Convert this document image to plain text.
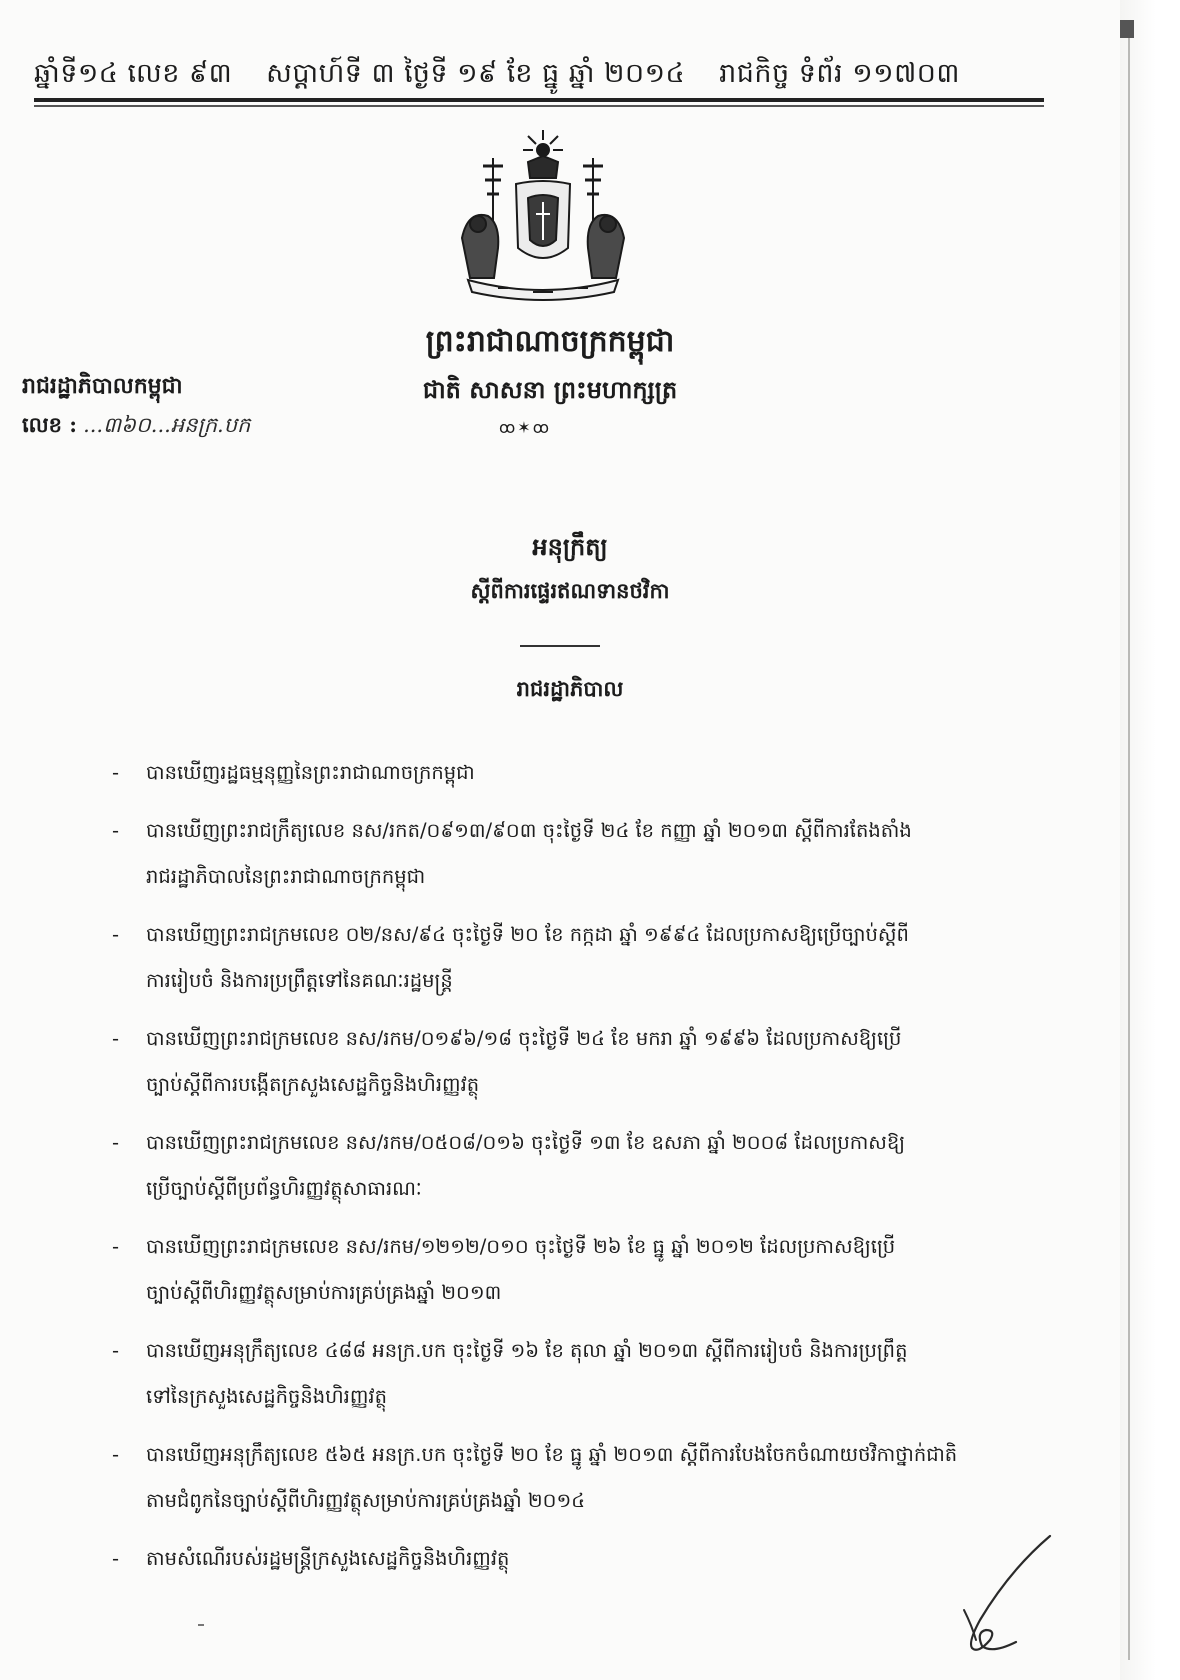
ឆ្នាំទី១៤ លេខ ៩៣ សប្ដាហ៍ទី ៣ ថ្ងៃទី ១៩ ខែ ធ្នូ ឆ្នាំ ២០១៤ រាជកិច្ច ទំព័រ ១១៧០៣
ព្រះរាជាណាចក្រកម្ពុជា
ជាតិ សាសនា ព្រះមហាក្សត្រ
ꝏ✶ꝏ
រាជរដ្ឋាភិបាលកម្ពុជា
លេខ : ...៣៦០...អនក្រ.បក
អនុក្រឹត្យ
ស្ដីពីការផ្ទេរឥណទានថវិកា
រាជរដ្ឋាភិបាល
- បានឃើញរដ្ឋធម្មនុញ្ញនៃព្រះរាជាណាចក្រកម្ពុជា
- បានឃើញព្រះរាជក្រឹត្យលេខ នស/រកត/០៩១៣/៩០៣ ចុះថ្ងៃទី ២៤ ខែ កញ្ញា ឆ្នាំ ២០១៣ ស្ដីពីការតែងតាំង
រាជរដ្ឋាភិបាលនៃព្រះរាជាណាចក្រកម្ពុជា
- បានឃើញព្រះរាជក្រមលេខ ០២/នស/៩៤ ចុះថ្ងៃទី ២០ ខែ កក្កដា ឆ្នាំ ១៩៩៤ ដែលប្រកាសឱ្យប្រើច្បាប់ស្ដីពី
ការរៀបចំ និងការប្រព្រឹត្តទៅនៃគណៈរដ្ឋមន្ត្រី
- បានឃើញព្រះរាជក្រមលេខ នស/រកម/០១៩៦/១៨ ចុះថ្ងៃទី ២៤ ខែ មករា ឆ្នាំ ១៩៩៦ ដែលប្រកាសឱ្យប្រើ
ច្បាប់ស្ដីពីការបង្កើតក្រសួងសេដ្ឋកិច្ចនិងហិរញ្ញវត្ថុ
- បានឃើញព្រះរាជក្រមលេខ នស/រកម/០៥០៨/០១៦ ចុះថ្ងៃទី ១៣ ខែ ឧសភា ឆ្នាំ ២០០៨ ដែលប្រកាសឱ្យ
ប្រើច្បាប់ស្ដីពីប្រព័ន្ធហិរញ្ញវត្ថុសាធារណៈ
- បានឃើញព្រះរាជក្រមលេខ នស/រកម/១២១២/០១០ ចុះថ្ងៃទី ២៦ ខែ ធ្នូ ឆ្នាំ ២០១២ ដែលប្រកាសឱ្យប្រើ
ច្បាប់ស្ដីពីហិរញ្ញវត្ថុសម្រាប់ការគ្រប់គ្រងឆ្នាំ ២០១៣
- បានឃើញអនុក្រឹត្យលេខ ៤៨៨ អនក្រ.បក ចុះថ្ងៃទី ១៦ ខែ តុលា ឆ្នាំ ២០១៣ ស្ដីពីការរៀបចំ និងការប្រព្រឹត្ត
ទៅនៃក្រសួងសេដ្ឋកិច្ចនិងហិរញ្ញវត្ថុ
- បានឃើញអនុក្រឹត្យលេខ ៥៦៥ អនក្រ.បក ចុះថ្ងៃទី ២០ ខែ ធ្នូ ឆ្នាំ ២០១៣ ស្ដីពីការបែងចែកចំណាយថវិកាថ្នាក់ជាតិ
តាមជំពូកនៃច្បាប់ស្ដីពីហិរញ្ញវត្ថុសម្រាប់ការគ្រប់គ្រងឆ្នាំ ២០១៤
- តាមសំណើរបស់រដ្ឋមន្ត្រីក្រសួងសេដ្ឋកិច្ចនិងហិរញ្ញវត្ថុ
